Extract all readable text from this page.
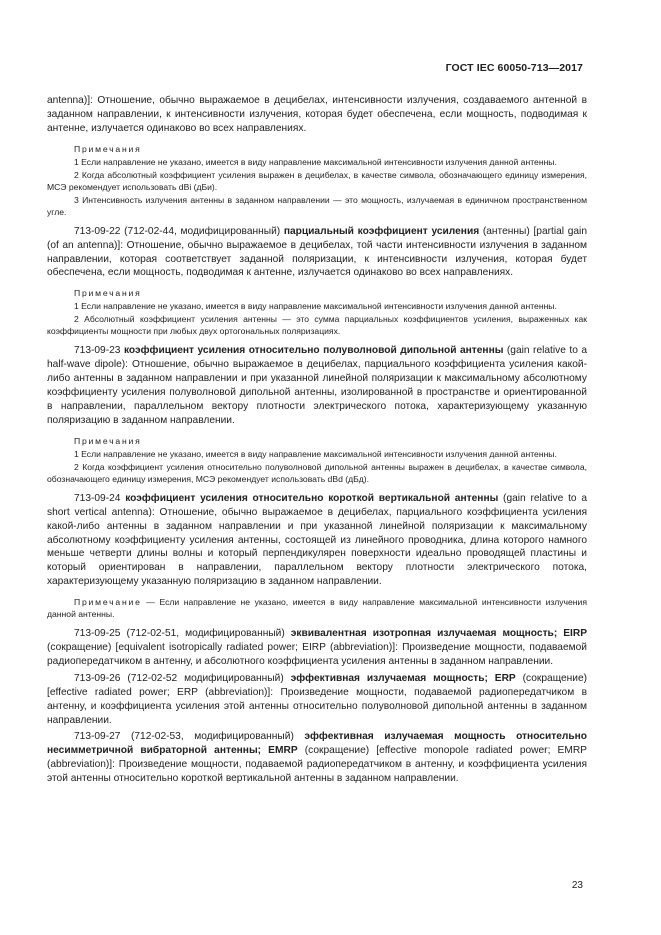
ГОСТ IEC 60050-713—2017

antenna)]: Отношение, обычно выражаемое в децибелах, интенсивности излучения, создаваемого антенной в заданном направлении, к интенсивности излучения, которая будет обеспечена, если мощность, подводимая к антенне, излучается одинаково во всех направлениях.

Примечания

1 Если направление не указано, имеется в виду направление максимальной интенсивности излучения данной антенны.

2 Когда абсолютный коэффициент усиления выражен в децибелах, в качестве символа, обозначающего единицу измерения, МСЭ рекомендует использовать dBi (дБи).

3 Интенсивность излучения антенны в заданном направлении — это мощность, излучаемая в единичном пространственном угле.

713-09-22 (712-02-44, модифицированный) парциальный коэффициент усиления (антенны) [partial gain (of an antenna)]: Отношение, обычно выражаемое в децибелах, той части интенсивности излучения в заданном направлении, которая соответствует заданной поляризации, к интенсивности излучения, которая будет обеспечена, если мощность, подводимая к антенне, излучается одинаково во всех направлениях.

Примечания

1 Если направление не указано, имеется в виду направление максимальной интенсивности излучения данной антенны.

2 Абсолютный коэффициент усиления антенны — это сумма парциальных коэффициентов усиления, выраженных как коэффициенты мощности при любых двух ортогональных поляризациях.

713-09-23 коэффициент усиления относительно полуволновой дипольной антенны (gain relative to a half-wave dipole): Отношение, обычно выражаемое в децибелах, парциального коэффициента усиления какой-либо антенны в заданном направлении и при указанной линейной поляризации к максимальному абсолютному коэффициенту усиления полуволновой дипольной антенны, изолированной в пространстве и ориентированной в направлении, параллельном вектору плотности электрического потока, характеризующему указанную поляризацию в заданном направлении.

Примечания

1 Если направление не указано, имеется в виду направление максимальной интенсивности излучения данной антенны.

2 Когда коэффициент усиления относительно полуволновой дипольной антенны выражен в децибелах, в качестве символа, обозначающего единицу измерения, МСЭ рекомендует использовать dBd (дБд).

713-09-24 коэффициент усиления относительно короткой вертикальной антенны (gain relative to a short vertical antenna): Отношение, обычно выражаемое в децибелах, парциального коэффициента усиления какой-либо антенны в заданном направлении и при указанной линейной поляризации к максимальному абсолютному коэффициенту усиления антенны, состоящей из линейного проводника, длина которого намного меньше четверти длины волны и который перпендикулярен поверхности идеально проводящей пластины и который ориентирован в направлении, параллельном вектору плотности электрического потока, характеризующему указанную поляризацию в заданном направлении.

Примечание — Если направление не указано, имеется в виду направление максимальной интенсивности излучения данной антенны.

713-09-25 (712-02-51, модифицированный) эквивалентная изотропная излучаемая мощность; EIRP (сокращение) [equivalent isotropically radiated power; EIRP (abbreviation)]: Произведение мощности, подаваемой радиопередатчиком в антенну, и абсолютного коэффициента усиления антенны в заданном направлении.

713-09-26 (712-02-52 модифицированный) эффективная излучаемая мощность; ERP (сокращение) [effective radiated power; ERP (abbreviation)]: Произведение мощности, подаваемой радиопередатчиком в антенну, и коэффициента усиления этой антенны относительно полуволновой дипольной антенны в заданном направлении.

713-09-27 (712-02-53, модифицированный) эффективная излучаемая мощность относительно несимметричной вибраторной антенны; EMRP (сокращение) [effective monopole radiated power; EMRP (abbreviation)]: Произведение мощности, подаваемой радиопередатчиком в антенну, и коэффициента усиления этой антенны относительно короткой вертикальной антенны в заданном направлении.

23
